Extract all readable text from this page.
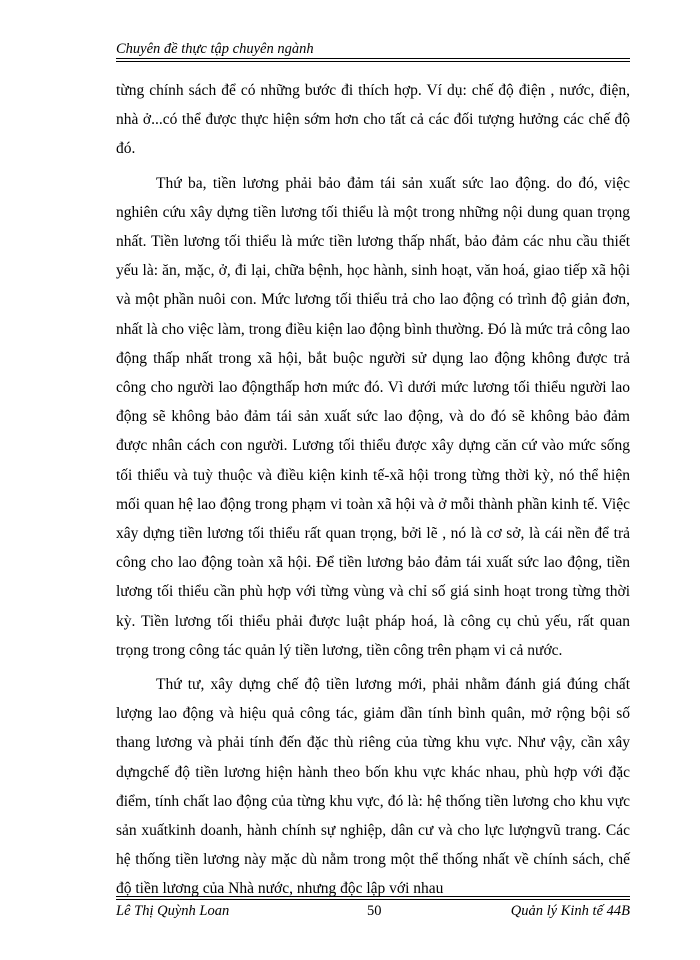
Chuyên đề thực tập chuyên ngành

từng chính sách để có những bước đi thích hợp. Ví dụ: chế độ điện , nước, điện, nhà ở...có thể được thực hiện sớm hơn cho tất cả các đối tượng hưởng các chế độ đó.

Thứ ba, tiền lương phải bảo đảm tái sản xuất sức lao động. do đó, việc nghiên cứu xây dựng tiền lương tối thiểu là một trong những nội dung quan trọng nhất. Tiền lương tối thiểu là mức tiền lương thấp nhất, bảo đảm các nhu cầu thiết yếu là: ăn, mặc, ở, đi lại, chữa bệnh, học hành, sinh hoạt, văn hoá, giao tiếp xã hội và một phần nuôi con. Mức lương tối thiểu trả cho lao động có trình độ giản đơn, nhất là cho việc làm, trong điều kiện lao động bình thường. Đó là mức trả công lao động thấp nhất trong xã hội, bắt buộc người sử dụng lao động không được trả công cho người lao độngthấp hơn mức đó. Vì dưới mức lương tối thiểu người lao động sẽ không bảo đảm tái sản xuất sức lao động, và do đó sẽ không bảo đảm được nhân cách con người. Lương tối thiểu được xây dựng căn cứ vào mức sống tối thiểu và tuỳ thuộc và điều kiện kinh tế-xã hội trong từng thời kỳ, nó thể hiện mối quan hệ lao động trong phạm vi toàn xã hội và ở mỗi thành phần kinh tế. Việc xây dựng tiền lương tối thiểu rất quan trọng, bởi lẽ , nó là cơ sở, là cái nền để trả công cho lao động toàn xã hội. Để tiền lương bảo đảm tái xuất sức lao động, tiền lương tối thiểu cần phù hợp với từng vùng và chỉ số giá sinh hoạt trong từng thời kỳ. Tiền lương tối thiểu phải được luật pháp hoá, là công cụ chủ yếu, rất quan trọng trong công tác quản lý tiền lương, tiền công trên phạm vi cả nước.

Thứ tư, xây dựng chế độ tiền lương mới, phải nhằm đánh giá đúng chất lượng lao động và hiệu quả công tác, giảm dần tính bình quân, mở rộng bội số thang lương và phải tính đến đặc thù riêng của từng khu vực. Như vậy, cần xây dựngchế độ tiền lương hiện hành theo bốn khu vực khác nhau, phù hợp với đặc điểm, tính chất lao động của từng khu vực, đó là: hệ thống tiền lương cho khu vực sản xuấtkinh doanh, hành chính sự nghiệp, dân cư và cho lực lượngvũ trang. Các hệ thống tiền lương này mặc dù nằm trong một thể thống nhất về chính sách, chế độ tiền lương của Nhà nước, nhưng độc lập với nhau

Lê Thị Quỳnh Loan	50	Quản lý Kinh tế 44B
